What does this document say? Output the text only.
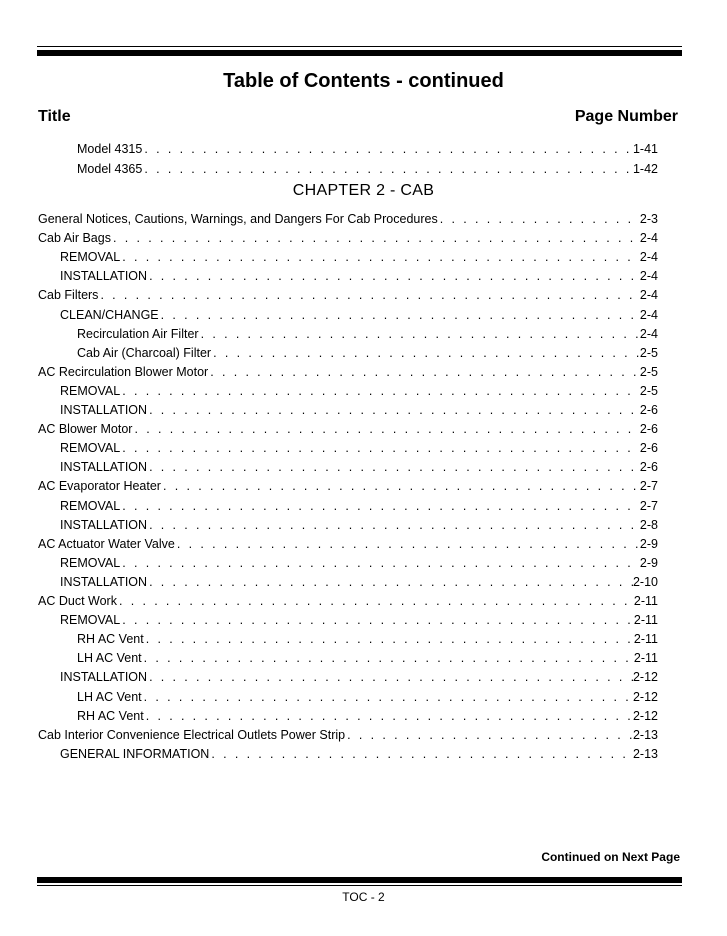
Table of Contents - continued
Title	Page Number
Model 4315 . . .	1-41
Model 4365 . . .	1-42
CHAPTER 2 - CAB
General Notices, Cautions, Warnings, and Dangers For Cab Procedures . . .	2-3
Cab Air Bags . . .	2-4
REMOVAL . . .	2-4
INSTALLATION . . .	2-4
Cab Filters . . .	2-4
CLEAN/CHANGE . . .	2-4
Recirculation Air Filter . . .	2-4
Cab Air (Charcoal) Filter . . .	2-5
AC Recirculation Blower Motor . . .	2-5
REMOVAL . . .	2-5
INSTALLATION . . .	2-6
AC Blower Motor . . .	2-6
REMOVAL . . .	2-6
INSTALLATION . . .	2-6
AC Evaporator Heater . . .	2-7
REMOVAL . . .	2-7
INSTALLATION . . .	2-8
AC Actuator Water Valve . . .	2-9
REMOVAL . . .	2-9
INSTALLATION . . .	2-10
AC Duct Work . . .	2-11
REMOVAL . . .	2-11
RH AC Vent . . .	2-11
LH AC Vent . . .	2-11
INSTALLATION . . .	2-12
LH AC Vent . . .	2-12
RH AC Vent . . .	2-12
Cab Interior Convenience Electrical Outlets Power Strip . . .	2-13
GENERAL INFORMATION . . .	2-13
Continued on Next Page
TOC - 2
